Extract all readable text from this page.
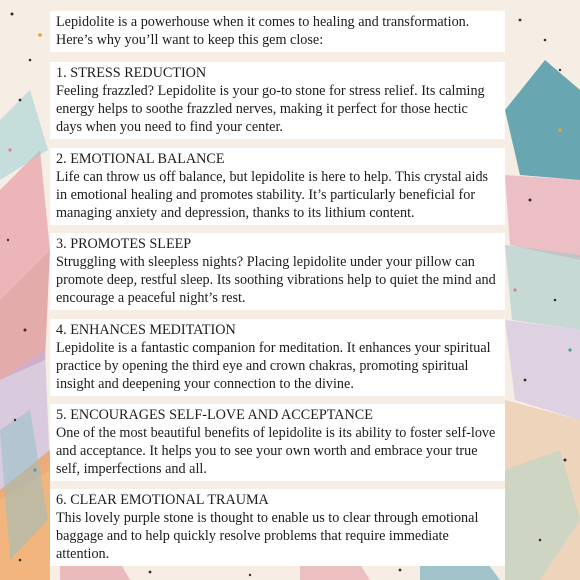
Lepidolite is a powerhouse when it comes to healing and transformation. Here’s why you’ll want to keep this gem close:

1. STRESS REDUCTION

Feeling frazzled? Lepidolite is your go-to stone for stress relief. Its calming energy helps to soothe frazzled nerves, making it perfect for those hectic days when you need to find your center.

2. EMOTIONAL BALANCE

Life can throw us off balance, but lepidolite is here to help. This crystal aids in emotional healing and promotes stability. It’s particularly beneficial for managing anxiety and depression, thanks to its lithium content.

3. PROMOTES SLEEP

Struggling with sleepless nights? Placing lepidolite under your pillow can promote deep, restful sleep. Its soothing vibrations help to quiet the mind and encourage a peaceful night’s rest.

4. ENHANCES MEDITATION

Lepidolite is a fantastic companion for meditation. It enhances your spiritual practice by opening the third eye and crown chakras, promoting spiritual insight and deepening your connection to the divine.

5. ENCOURAGES SELF-LOVE AND ACCEPTANCE

One of the most beautiful benefits of lepidolite is its ability to foster self-love and acceptance. It helps you to see your own worth and embrace your true self, imperfections and all.

6. CLEAR EMOTIONAL TRAUMA

This lovely purple stone is thought to enable us to clear through emotional baggage and to help quickly resolve problems that require immediate attention.
